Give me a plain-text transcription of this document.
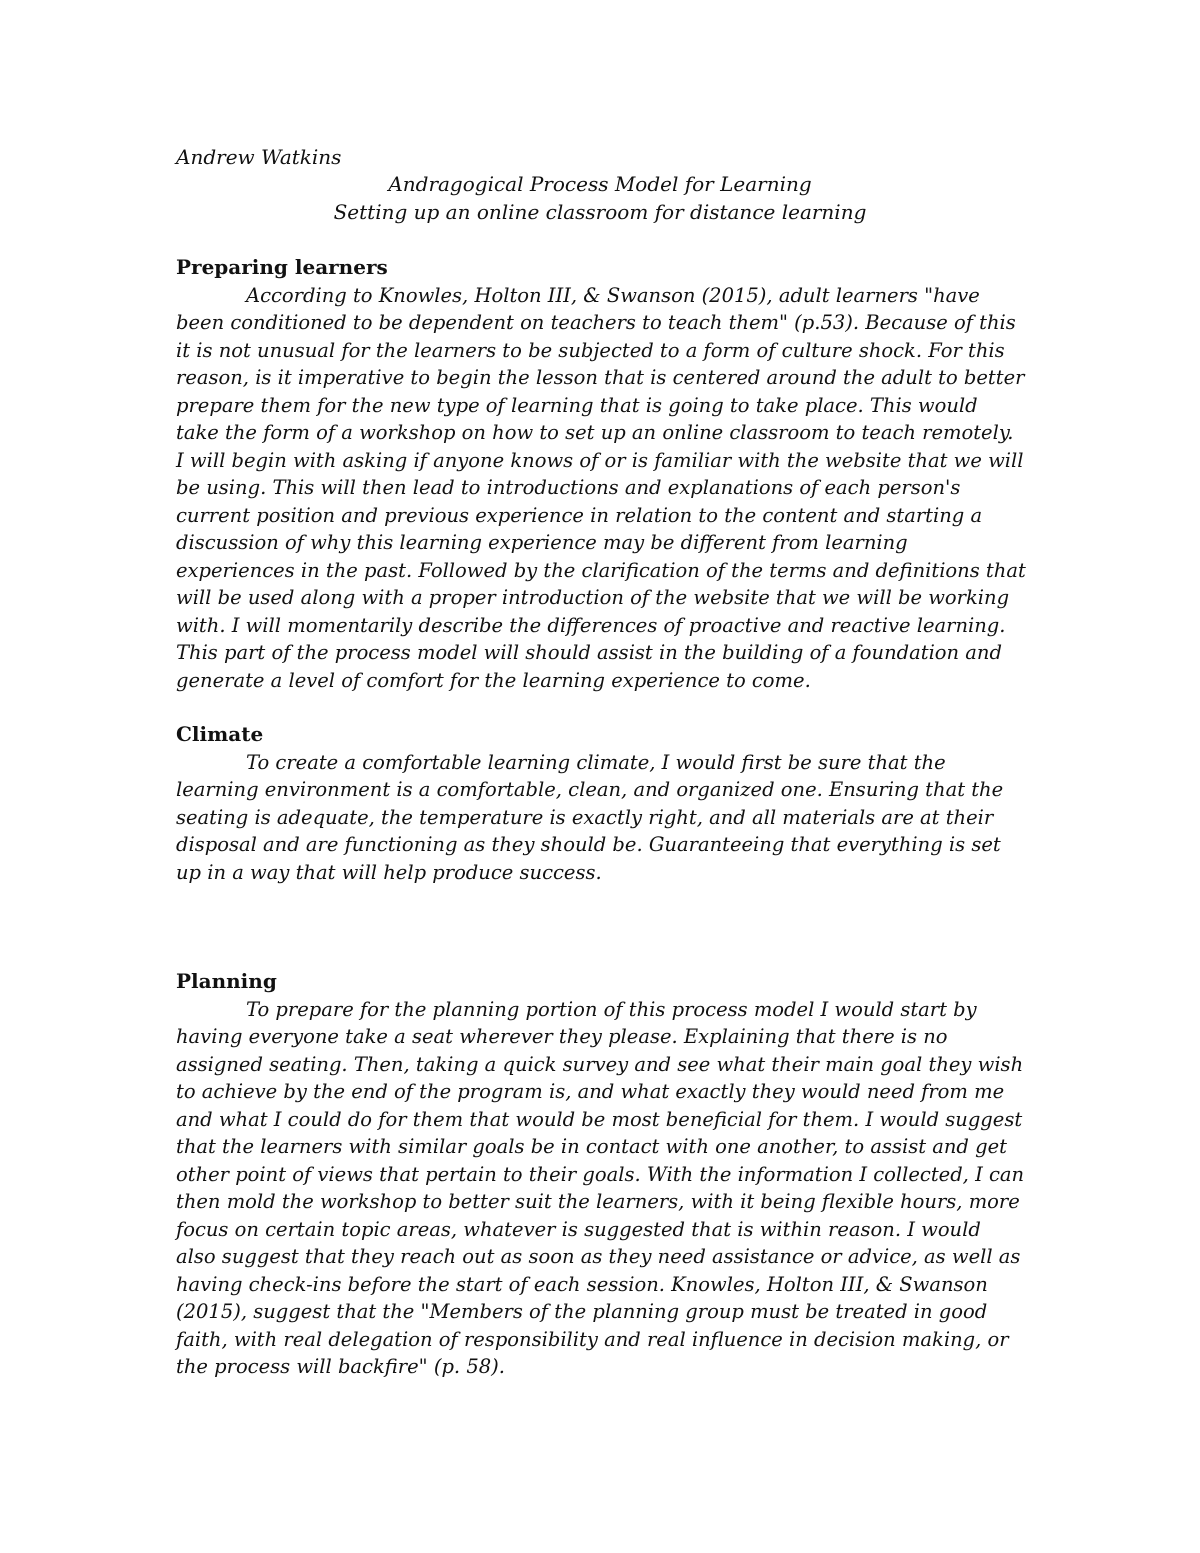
Andrew Watkins
Andragogical Process Model for Learning
Setting up an online classroom for distance learning
Preparing learners

According to Knowles, Holton III, & Swanson (2015), adult learners "have been conditioned to be dependent on teachers to teach them" (p.53). Because of this it is not unusual for the learners to be subjected to a form of culture shock. For this reason, is it imperative to begin the lesson that is centered around the adult to better prepare them for the new type of learning that is going to take place. This would take the form of a workshop on how to set up an online classroom to teach remotely. I will begin with asking if anyone knows of or is familiar with the website that we will be using. This will then lead to introductions and explanations of each person's current position and previous experience in relation to the content and starting a discussion of why this learning experience may be different from learning experiences in the past. Followed by the clarification of the terms and definitions that will be used along with a proper introduction of the website that we will be working with. I will momentarily describe the differences of proactive and reactive learning. This part of the process model will should assist in the building of a foundation and generate a level of comfort for the learning experience to come.

Climate

To create a comfortable learning climate, I would first be sure that the learning environment is a comfortable, clean, and organized one. Ensuring that the seating is adequate, the temperature is exactly right, and all materials are at their disposal and are functioning as they should be. Guaranteeing that everything is set up in a way that will help produce success.

Planning

To prepare for the planning portion of this process model I would start by having everyone take a seat wherever they please. Explaining that there is no assigned seating. Then, taking a quick survey and see what their main goal they wish to achieve by the end of the program is, and what exactly they would need from me and what I could do for them that would be most beneficial for them. I would suggest that the learners with similar goals be in contact with one another, to assist and get other point of views that pertain to their goals. With the information I collected, I can then mold the workshop to better suit the learners, with it being flexible hours, more focus on certain topic areas, whatever is suggested that is within reason. I would also suggest that they reach out as soon as they need assistance or advice, as well as having check-ins before the start of each session. Knowles, Holton III, & Swanson (2015), suggest that the "Members of the planning group must be treated in good faith, with real delegation of responsibility and real influence in decision making, or the process will backfire" (p. 58).
